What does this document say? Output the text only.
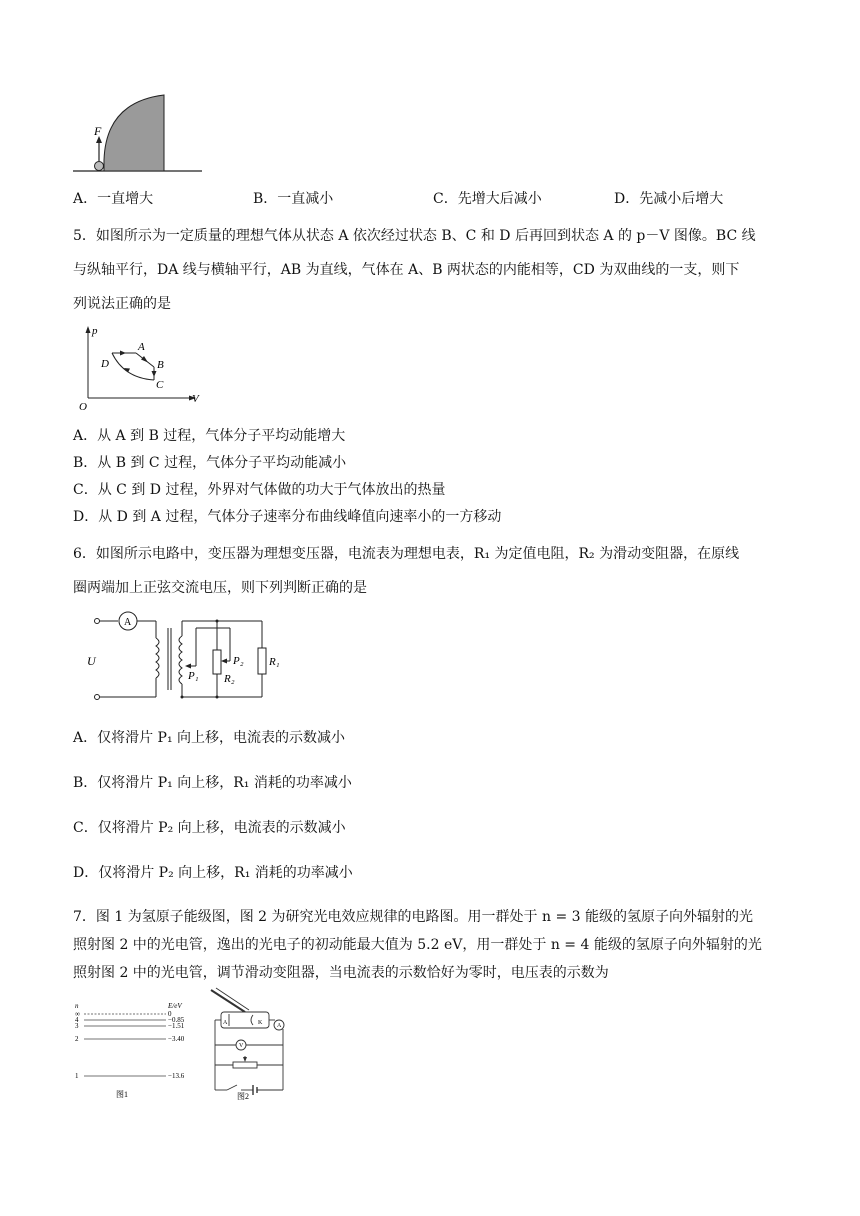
F
A．一直增大	B．一直减小	C．先增大后减小	D．先减小后增大
5．如图所示为一定质量的理想气体从状态 A 依次经过状态 B、C 和 D 后再回到状态 A 的 p－V 图像。BC 线
与纵轴平行，DA 线与横轴平行，AB 为直线，气体在 A、B 两状态的内能相等，CD 为双曲线的一支，则下
列说法正确的是
p
V
O
A
B
C
D
A．从 A 到 B 过程，气体分子平均动能增大
B．从 B 到 C 过程，气体分子平均动能减小
C．从 C 到 D 过程，外界对气体做的功大于气体放出的热量
D．从 D 到 A 过程，气体分子速率分布曲线峰值向速率小的一方移动
6．如图所示电路中，变压器为理想变压器，电流表为理想电表，R₁ 为定值电阻，R₂ 为滑动变阻器，在原线
圈两端加上正弦交流电压，则下列判断正确的是
A
U
P₁
P₂
R₂
R₁
A．仅将滑片 P₁ 向上移，电流表的示数减小
B．仅将滑片 P₁ 向上移，R₁ 消耗的功率减小
C．仅将滑片 P₂ 向上移，电流表的示数减小
D．仅将滑片 P₂ 向上移，R₁ 消耗的功率减小
7．图 1 为氢原子能级图，图 2 为研究光电效应规律的电路图。用一群处于 n = 3 能级的氢原子向外辐射的光
照射图 2 中的光电管，逸出的光电子的初动能最大值为 5.2 eV，用一群处于 n = 4 能级的氢原子向外辐射的光
照射图 2 中的光电管，调节滑动变阻器，当电流表的示数恰好为零时，电压表的示数为
n	E/eV
∞
4
3
2
1
0
−0.85
−1.51
−3.40
−13.6
图1
A	K A
V
图2
